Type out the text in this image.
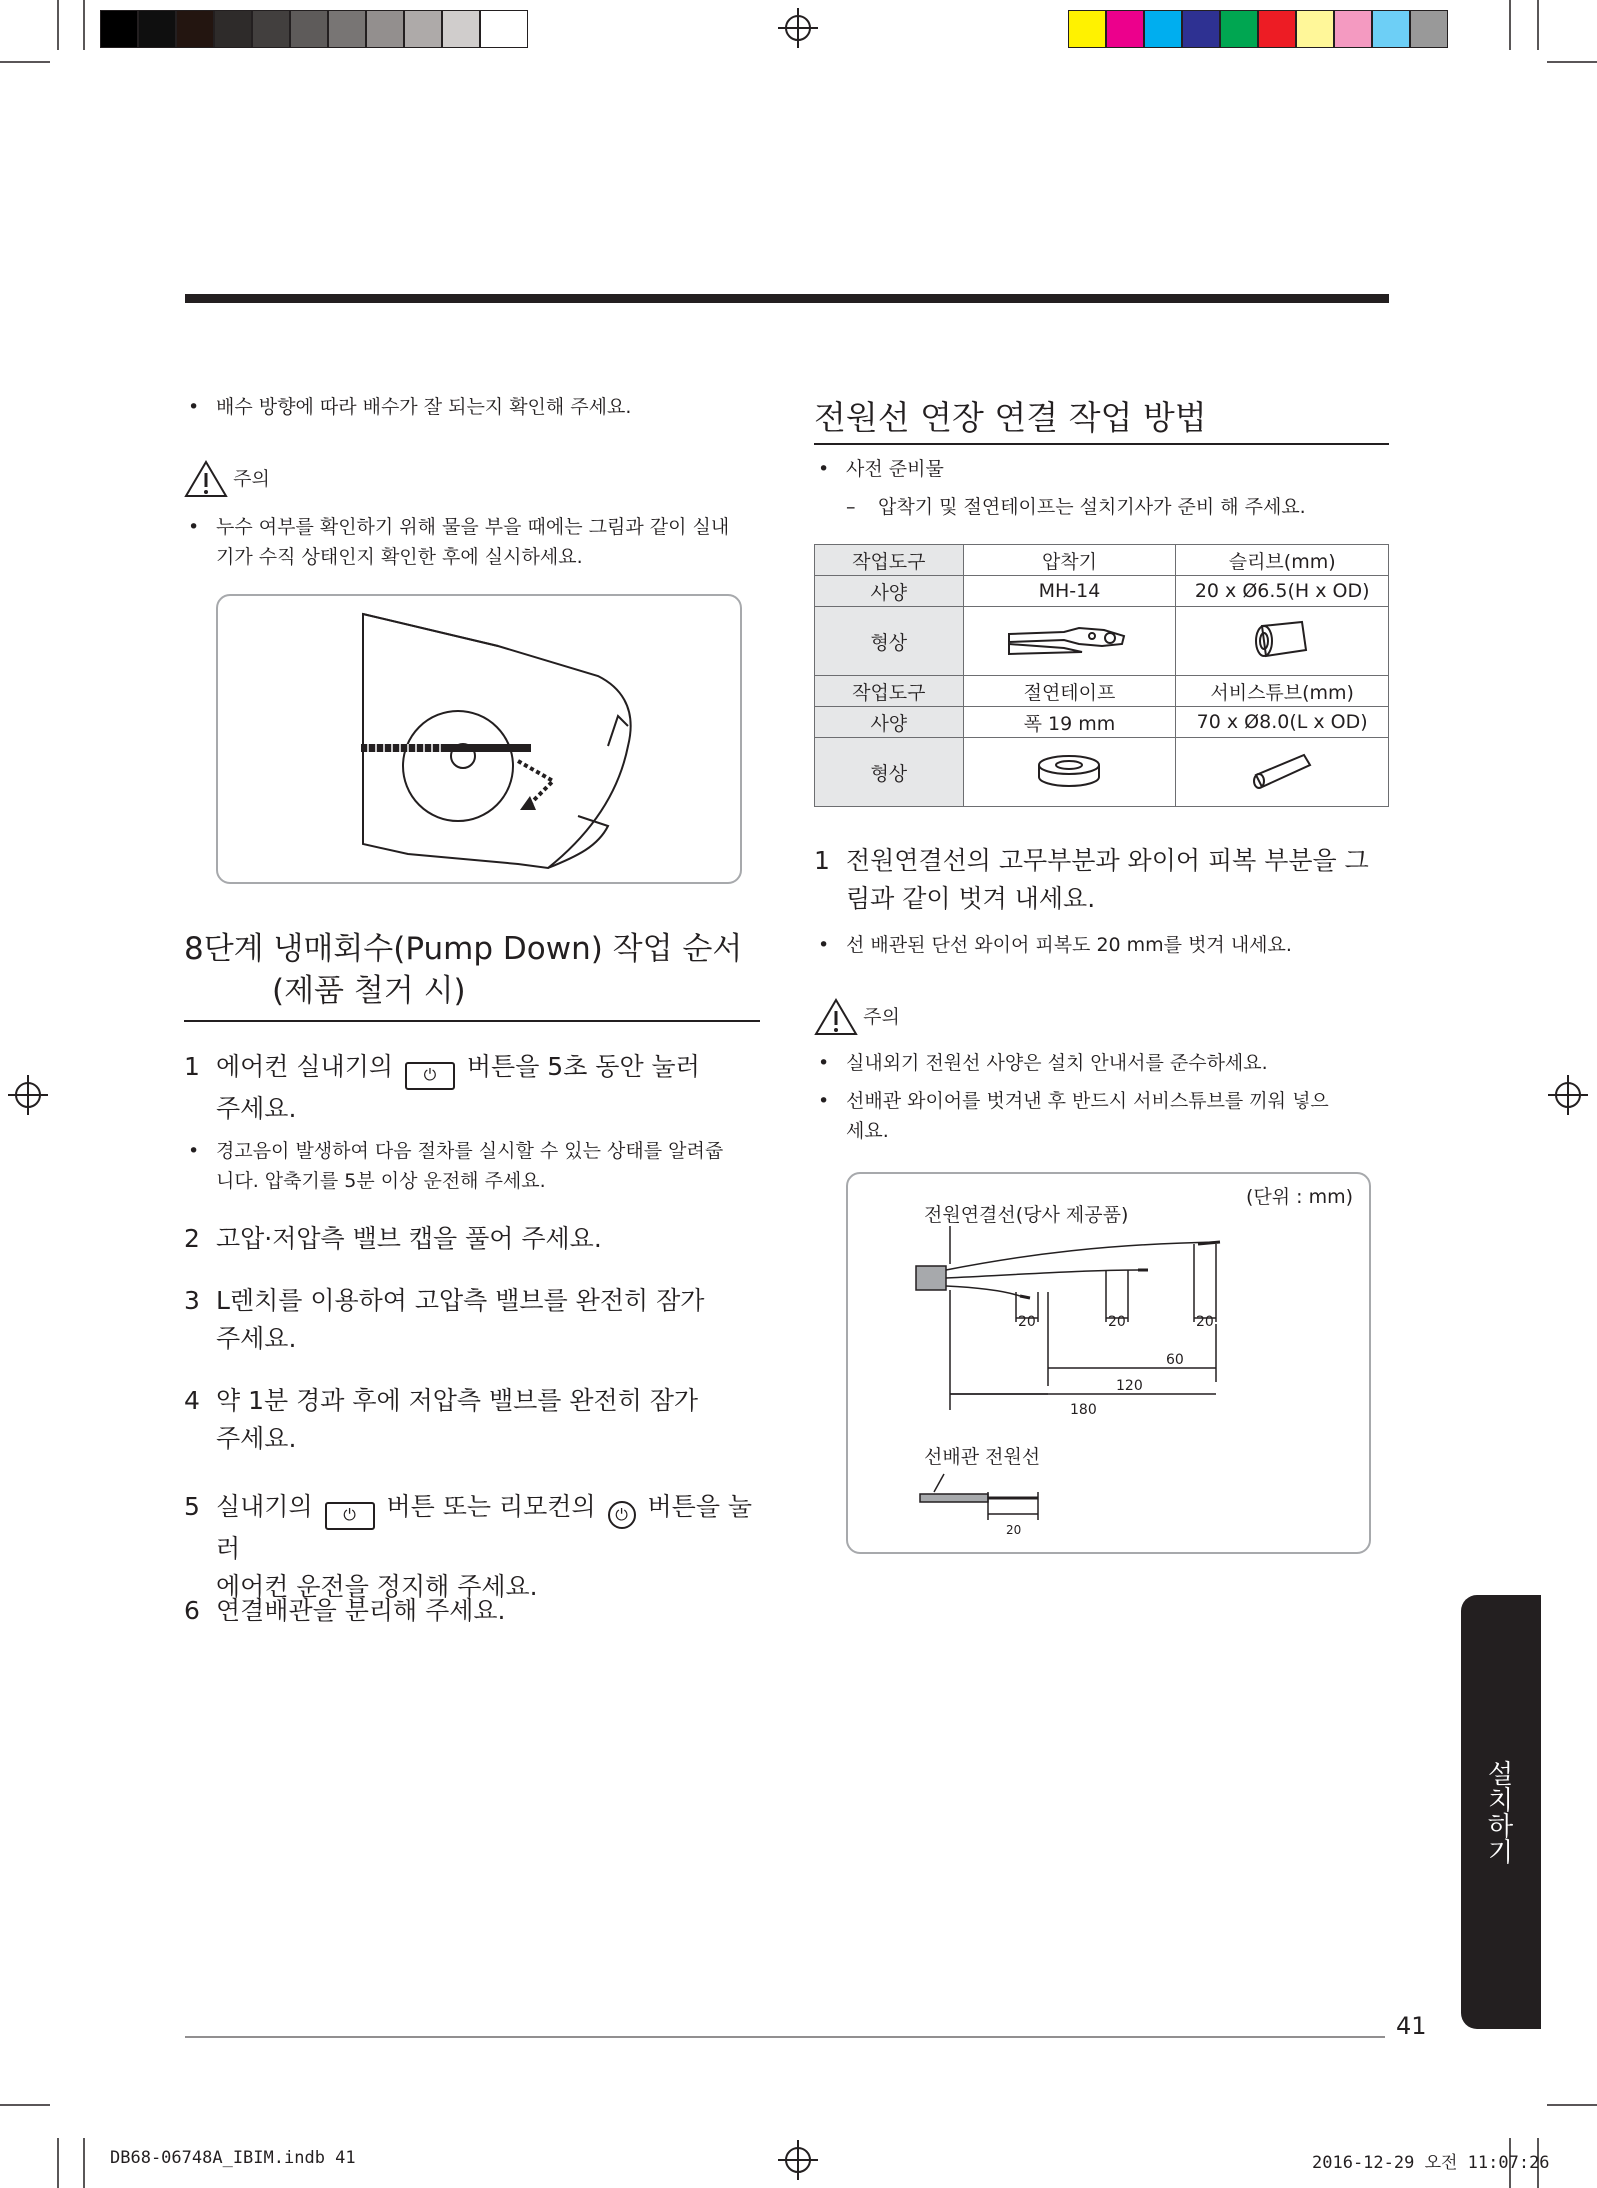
• 배수 방향에 따라 배수가 잘 되는지 확인해 주세요.
주의
• 누수 여부를 확인하기 위해 물을 부을 때에는 그림과 같이 실내기가 수직 상태인지 확인한 후에 실시하세요.
8단계 냉매회수(Pump Down) 작업 순서
(제품 철거 시)
1 에어컨 실내기의 ⏻ 버튼을 5초 동안 눌러
주세요.
• 경고음이 발생하여 다음 절차를 실시할 수 있는 상태를 알려줍니다. 압축기를 5분 이상 운전해 주세요.
2 고압·저압측 밸브 캡을 풀어 주세요.
3 L렌치를 이용하여 고압측 밸브를 완전히 잠가
주세요.
4 약 1분 경과 후에 저압측 밸브를 완전히 잠가
주세요.
5 실내기의 ⏻ 버튼 또는 리모컨의 ⏻ 버튼을 눌러
에어컨 운전을 정지해 주세요.
6 연결배관을 분리해 주세요.
전원선 연장 연결 작업 방법
• 사전 준비물
– 압착기 및 절연테이프는 설치기사가 준비 해 주세요.
작업도구	압착기	슬리브(mm)
사양	MH-14	20 x Ø6.5(H x OD)
형상		
작업도구	절연테이프	서비스튜브(mm)
사양	폭 19 mm	70 x Ø8.0(L x OD)
형상		
1 전원연결선의 고무부분과 와이어 피복 부분을 그림과 같이 벗겨 내세요.
• 선 배관된 단선 와이어 피복도 20 mm를 벗겨 내세요.
주의
• 실내외기 전원선 사양은 설치 안내서를 준수하세요.
• 선배관 와이어를 벗겨낸 후 반드시 서비스튜브를 끼워 넣으세요.
(단위 : mm)
전원연결선(당사 제공품)
20	20	20
60
120
180
20
선배관 전원선
설치하기
41
DB68-06748A_IBIM.indb 41	2016-12-29 오전 11:07:26
